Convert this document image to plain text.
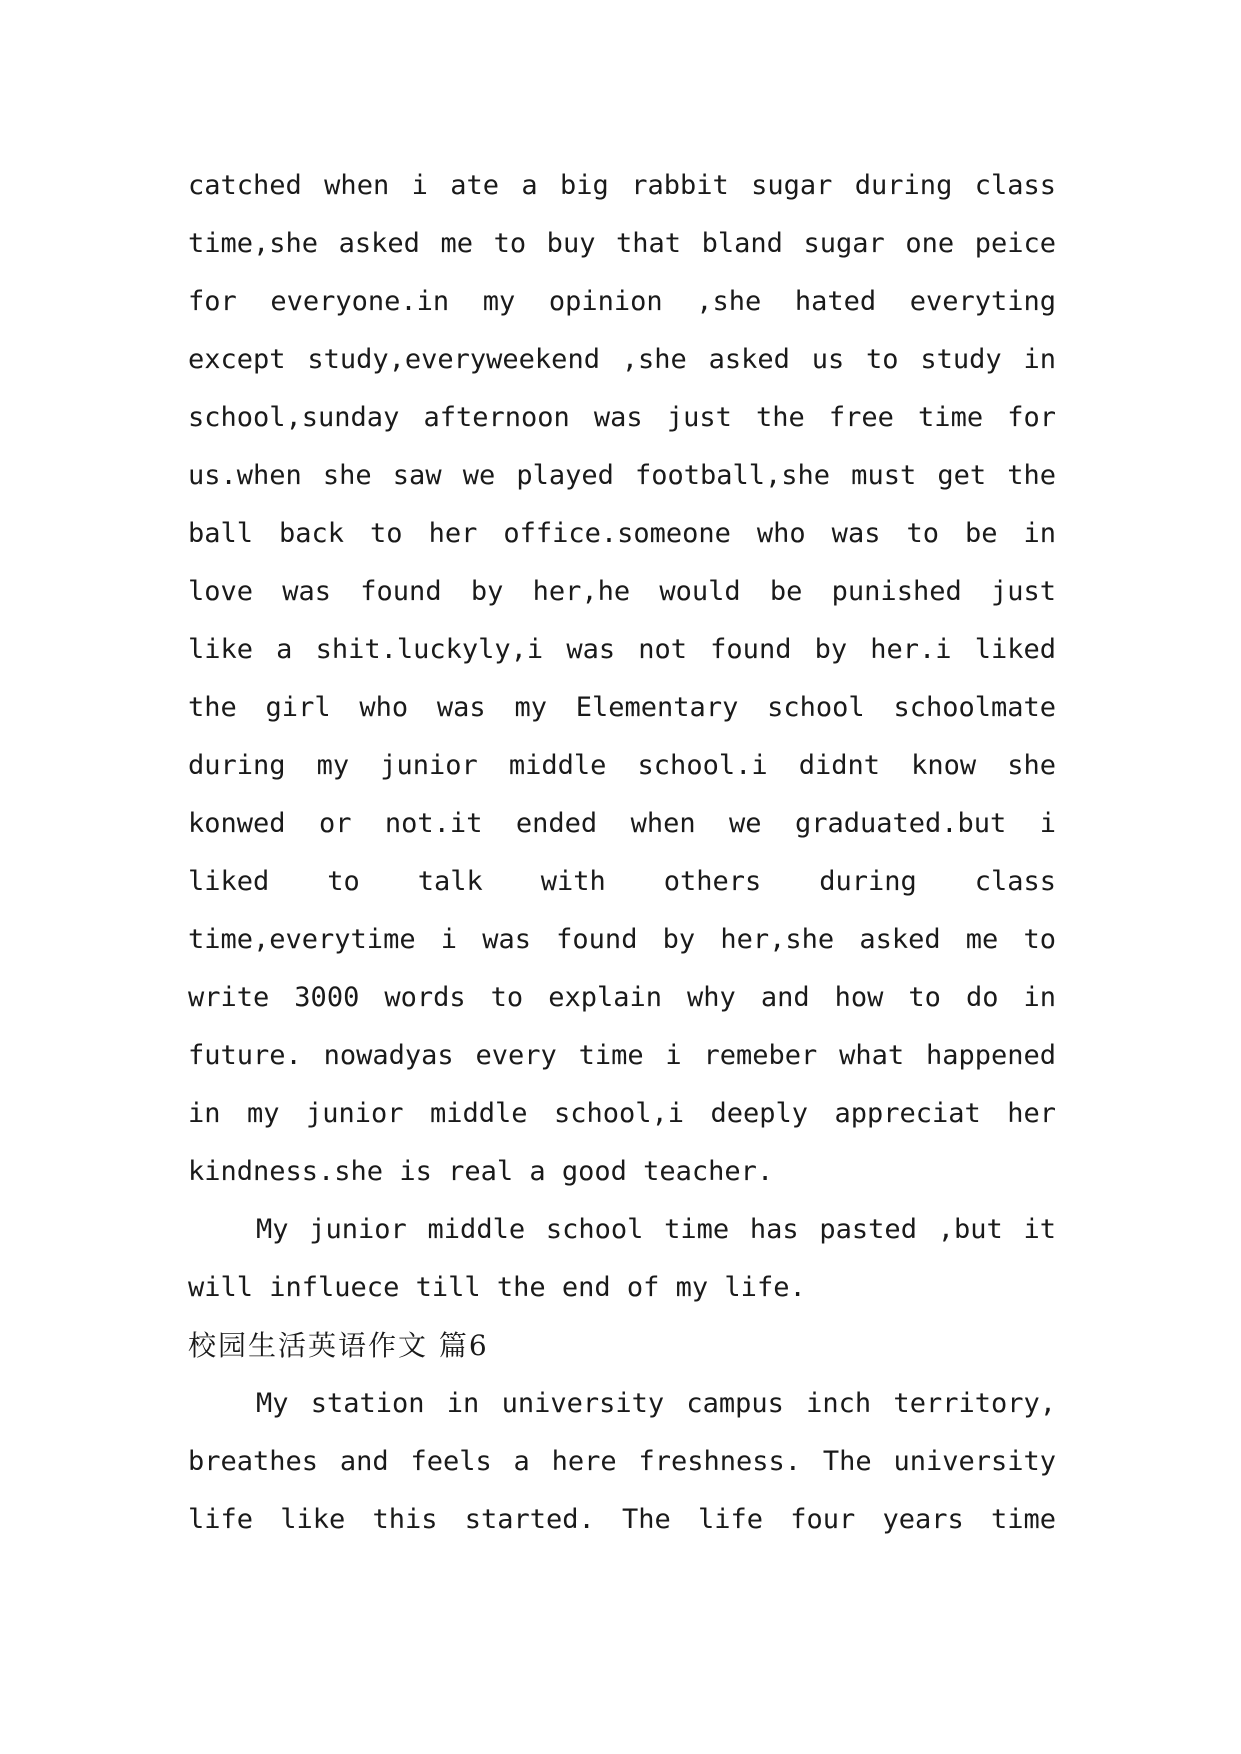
catched when i ate a big rabbit sugar during class
time,she asked me to buy that bland sugar one peice
for everyone.in my opinion ,she hated everyting
except study,everyweekend ,she asked us to study in
school,sunday afternoon was just the free time for
us.when she saw we played football,she must get the
ball back to her office.someone who was to be in
love was found by her,he would be punished just
like a shit.luckyly,i was not found by her.i liked
the girl who was my Elementary school schoolmate
during my junior middle school.i didnt know she
konwed or not.it ended when we graduated.but i
liked to talk with others during class
time,everytime i was found by her,she asked me to
write 3000 words to explain why and how to do in
future. nowadyas every time i remeber what happened
in my junior middle school,i deeply appreciat her
kindness.she is real a good teacher.
My junior middle school time has pasted ,but it
will influece till the end of my life.
校园生活英语作文 篇6
My station in university campus inch territory,
breathes and feels a here freshness. The university
life like this started. The life four years time
